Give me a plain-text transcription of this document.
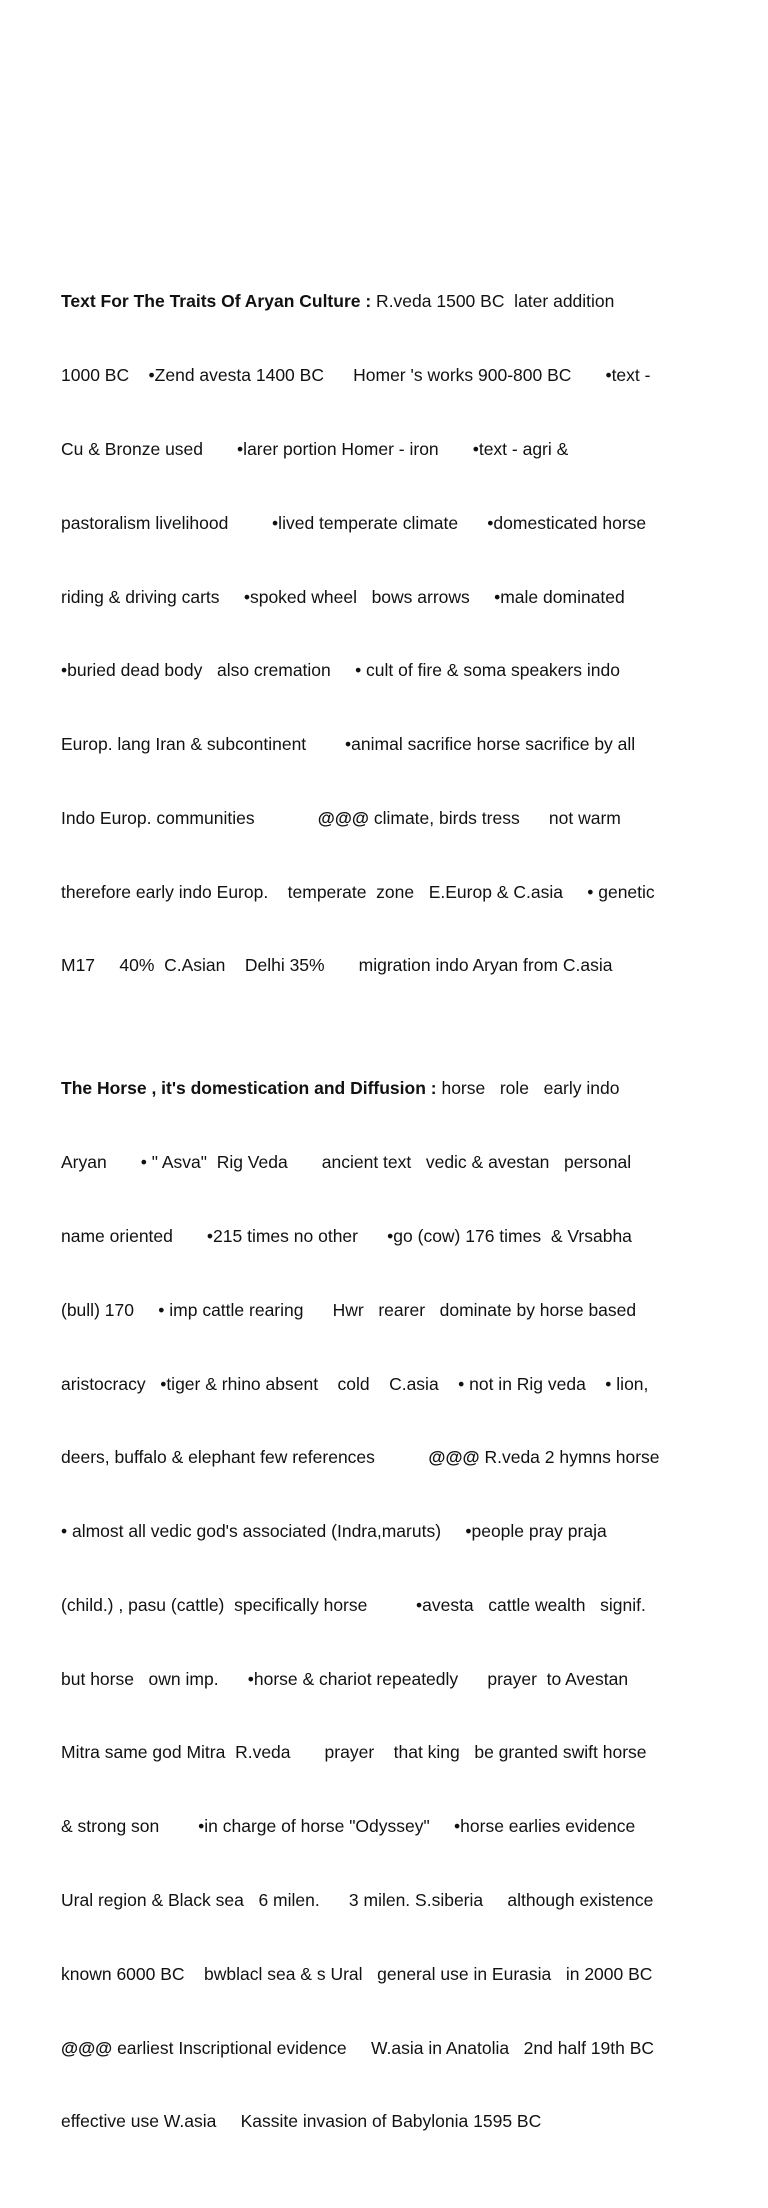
Text For The Traits Of Aryan Culture : R.veda 1500 BC  later addition

1000 BC    •Zend avesta 1400 BC      Homer 's works 900-800 BC       •text -

Cu & Bronze used       •larer portion Homer - iron       •text - agri &

pastoralism livelihood         •lived temperate climate      •domesticated horse

riding & driving carts     •spoked wheel   bows arrows     •male dominated

•buried dead body   also cremation     • cult of fire & soma speakers indo

Europ. lang Iran & subcontinent        •animal sacrifice horse sacrifice by all

Indo Europ. communities             @@@ climate, birds tress      not warm

therefore early indo Europ.    temperate  zone   E.Europ & C.asia     • genetic

M17     40%  C.Asian    Delhi 35%       migration indo Aryan from C.asia

The Horse , it's domestication and Diffusion : horse   role   early indo

Aryan       • " Asva"  Rig Veda       ancient text   vedic & avestan   personal

name oriented       •215 times no other      •go (cow) 176 times  & Vrsabha

(bull) 170     • imp cattle rearing      Hwr   rearer   dominate by horse based

aristocracy   •tiger & rhino absent    cold    C.asia    • not in Rig veda    • lion,

deers, buffalo & elephant few references           @@@ R.veda 2 hymns horse

• almost all vedic god's associated (Indra,maruts)     •people pray praja

(child.) , pasu (cattle)  specifically horse          •avesta   cattle wealth   signif.

but horse   own imp.      •horse & chariot repeatedly      prayer  to Avestan

Mitra same god Mitra  R.veda       prayer    that king   be granted swift horse

& strong son        •in charge of horse "Odyssey"     •horse earlies evidence

Ural region & Black sea   6 milen.      3 milen. S.siberia     although existence

known 6000 BC    bwblacl sea & s Ural   general use in Eurasia   in 2000 BC

@@@ earliest Inscriptional evidence     W.asia in Anatolia   2nd half 19th BC

effective use W.asia     Kassite invasion of Babylonia 1595 BC
